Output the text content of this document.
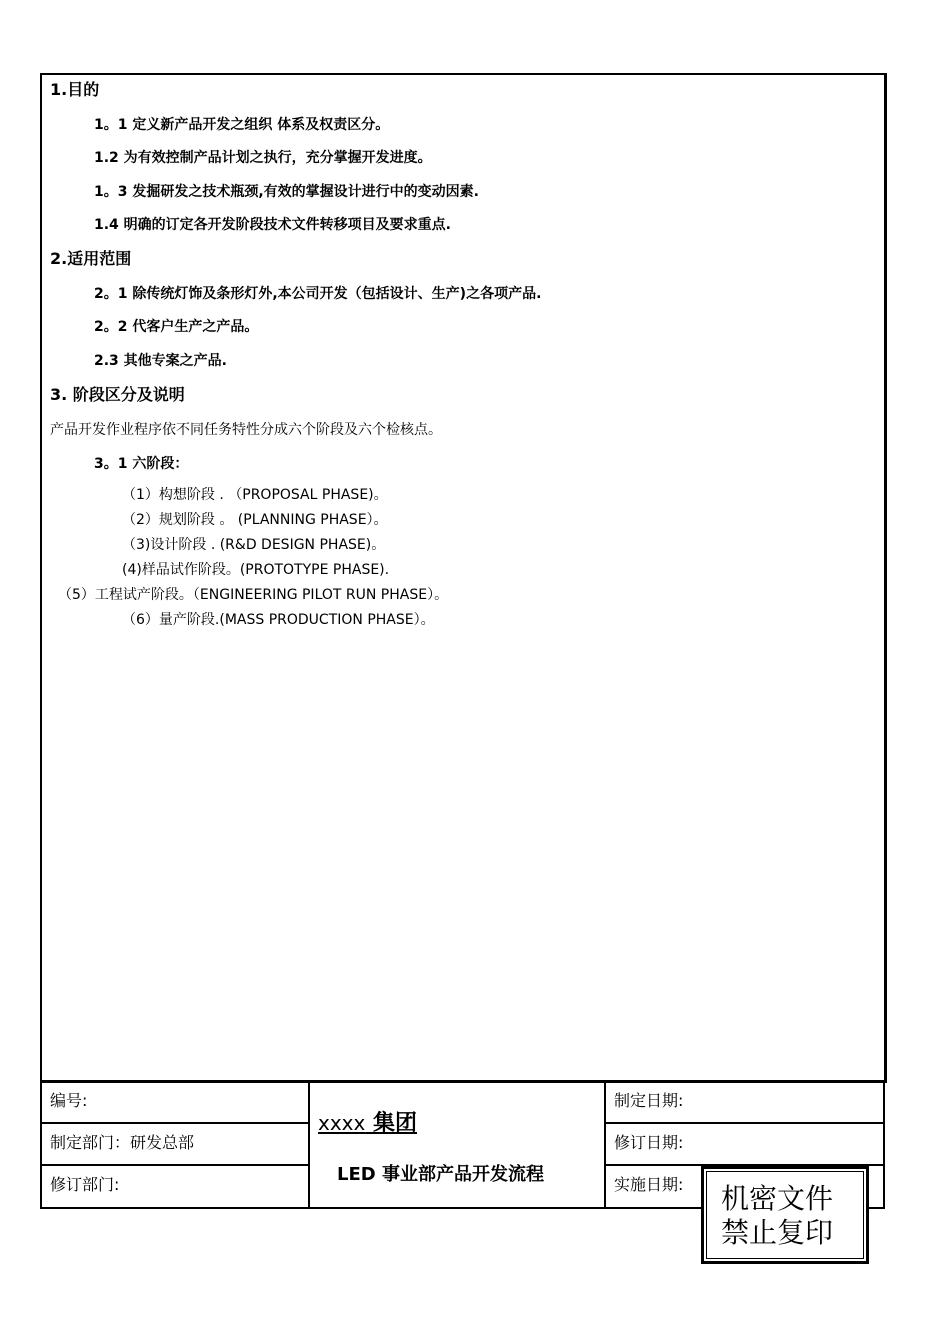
1.目的
1。1 定义新产品开发之组织 体系及权责区分。
1.2 为有效控制产品计划之执行，充分掌握开发进度。
1。3 发掘研发之技术瓶颈,有效的掌握设计进行中的变动因素.
1.4 明确的订定各开发阶段技术文件转移项目及要求重点.
2.适用范围
2。1 除传统灯饰及条形灯外,本公司开发（包括设计、生产)之各项产品.
2。2 代客户生产之产品。
2.3 其他专案之产品.
3. 阶段区分及说明
产品开发作业程序依不同任务特性分成六个阶段及六个检核点。
3。1 六阶段：
（1）构想阶段 . （PROPOSAL PHASE)。
（2）规划阶段 。 (PLANNING PHASE）。
（3)设计阶段 . (R&D DESIGN PHASE)。
(4)样品试作阶段。(PROTOTYPE PHASE).
（5）工程试产阶段。（ENGINEERING PILOT RUN PHASE）。
（6）量产阶段.(MASS PRODUCTION PHASE）。
编号:
制定部门：研发总部
修订部门:
xxxx 集团
LED 事业部产品开发流程
制定日期:
修订日期:
实施日期:	机密文件
禁止复印
